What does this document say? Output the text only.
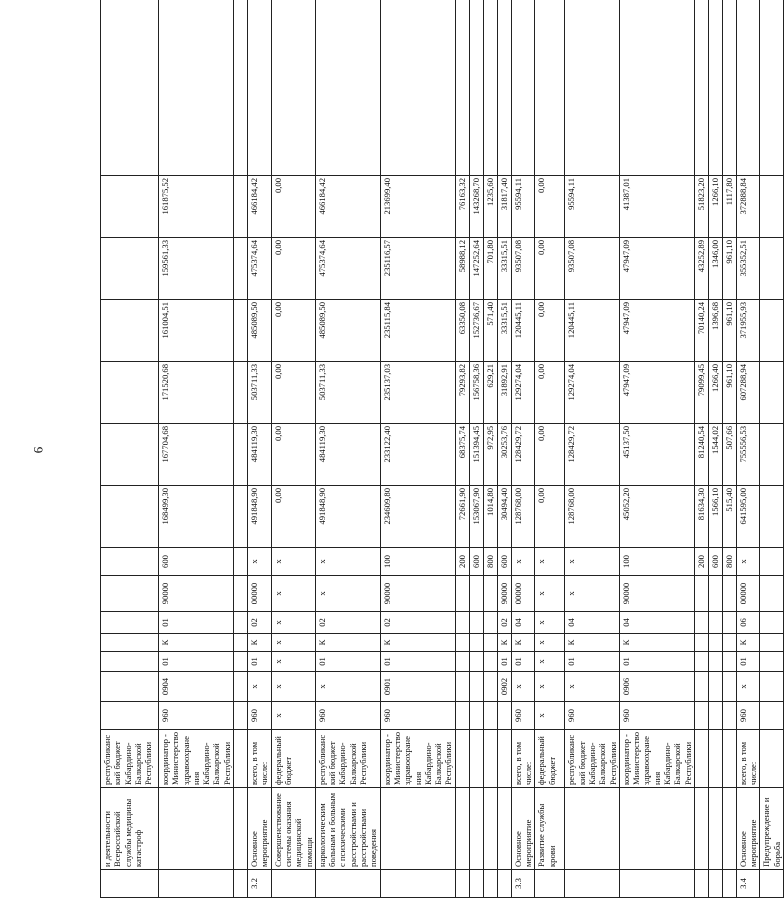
9
	и деятельности Всероссийской службы медицины катастроф	республиканский бюджет Кабардино-Балкарской Республики														
		координатор - Министерство здравоохранения Кабардино-Балкарской Республики	960	0904	01	К	01	90000	600	168499,30	167704,68	171520,68	161004,51	159561,33	161875,52	

3.2	Основное мероприятие	всего, в том числе:	960	x	01	К	02	00000	x	491848,90	484119,30	503711,33	485089,50	475374,64	466184,42	
	Совершенствование системы оказания медицинской помощи	федеральный бюджет	x	x	x	x	x	x	x	0,00	0,00	0,00	0,00	0,00	0,00	
	наркологическим больным и больным с психическими расстройствами и расстройствами поведения	республиканский бюджет Кабардино-Балкарской Республики	960	x	01	К	02	x	x	491848,90	484119,30	503711,33	485089,50	475374,64	466184,42	
		координатор - Министерство здравоохранения Кабардино-Балкарской Республики	960	0901	01	К	02	90000	100	234609,80	233122,40	235137,03	235115,84	235116,57	213699,40	
									200	72661,90	68375,74	79293,82	63350,08	58988,12	76163,32	
									600	153067,90	151394,45	156758,36	152736,67	147252,64	143268,70	
									800	1014,80	972,95	629,21	571,40	701,80	1235,60	
				0902	01	К	02	90000	600	30494,40	30253,76	31892,91	33315,51	33315,51	31817,40	
3.3	Основное мероприятие	всего, в том числе:	960	x	01	К	04	00000	x	128768,00	128429,72	129274,04	120445,11	93507,08	95594,11	
	Развитие службы крови	федеральный бюджет	x	x	x	x	x	x	x	0,00	0,00	0,00	0,00	0,00	0,00	
		республиканский бюджет Кабардино-Балкарской Республики	960	x	01	К	04	x	x	128768,00	128429,72	129274,04	120445,11	93507,08	95594,11	
		координатор - Министерство здравоохранения Кабардино-Балкарской Республики	960	0906	01	К	04	90000	100	45052,20	45137,50	47947,09	47947,09	47947,09	41387,01	
									200	81634,30	81240,54	79099,45	70140,24	43252,89	51823,20	
									600	1566,10	1544,02	1266,40	1396,68	1346,00	1266,10	
									800	515,40	507,66	961,10	961,10	961,10	1117,80	
3.4	Основное мероприятие	всего, в том числе:	960	x	01	К	06	00000	x	641595,00	755556,53	607288,94	371955,93	355352,51	372888,84	
	Предупреждение и борьба															
